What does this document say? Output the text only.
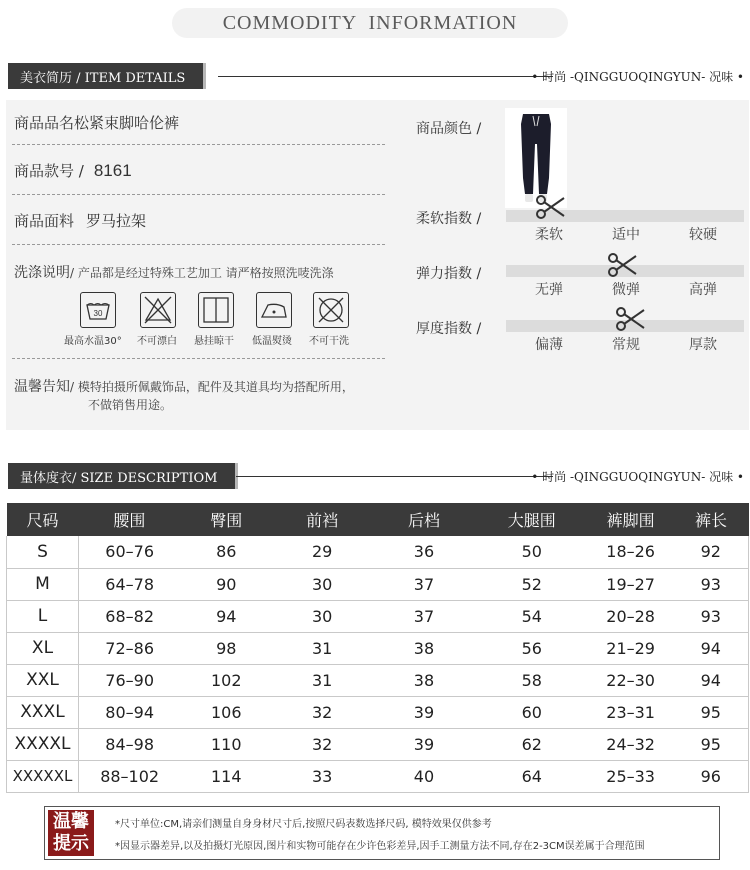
COMMODITY  INFORMATION
美衣简历 / ITEM DETAILS	• 时尚 -QINGGUOQINGYUN- 况味 •
商品品名松紧束脚哈伦裤
商品款号 / 8161
商品面料 罗马拉架
洗涤说明/ 产品都是经过特殊工艺加工 请严格按照洗唛洗涤
30
最高水温30° 不可漂白 悬挂晾干 低温熨烫 不可干洗
温馨告知/ 模特拍摄所佩戴饰品，配件及其道具均为搭配所用，
不做销售用途。
商品颜色 /
柔软指数 /
柔软	适中	较硬
弹力指数 /
无弹	微弹	高弹
厚度指数 /
偏薄	常规	厚款
量体度衣/ SIZE DESCRIPTIOM	• 时尚 -QINGGUOQINGYUN- 况味 •
尺码	腰围	臀围	前裆	后档	大腿围	裤脚围	裤长
S	60–76	86	29	36	50	18–26	92
M	64–78	90	30	37	52	19–27	93
L	68–82	94	30	37	54	20–28	93
XL	72–86	98	31	38	56	21–29	94
XXL	76–90	102	31	38	58	22–30	94
XXXL	80–94	106	32	39	60	23–31	95
XXXXL	84–98	110	32	39	62	24–32	95
XXXXXL	88–102	114	33	40	64	25–33	96
温馨提示
*尺寸单位:CM,请亲们测量自身身材尺寸后,按照尺码表数选择尺码, 模特效果仅供参考
*因显示器差异,以及拍摄灯光原因,图片和实物可能存在少许色彩差异,因手工测量方法不同,存在2-3CM误差属于合理范围
